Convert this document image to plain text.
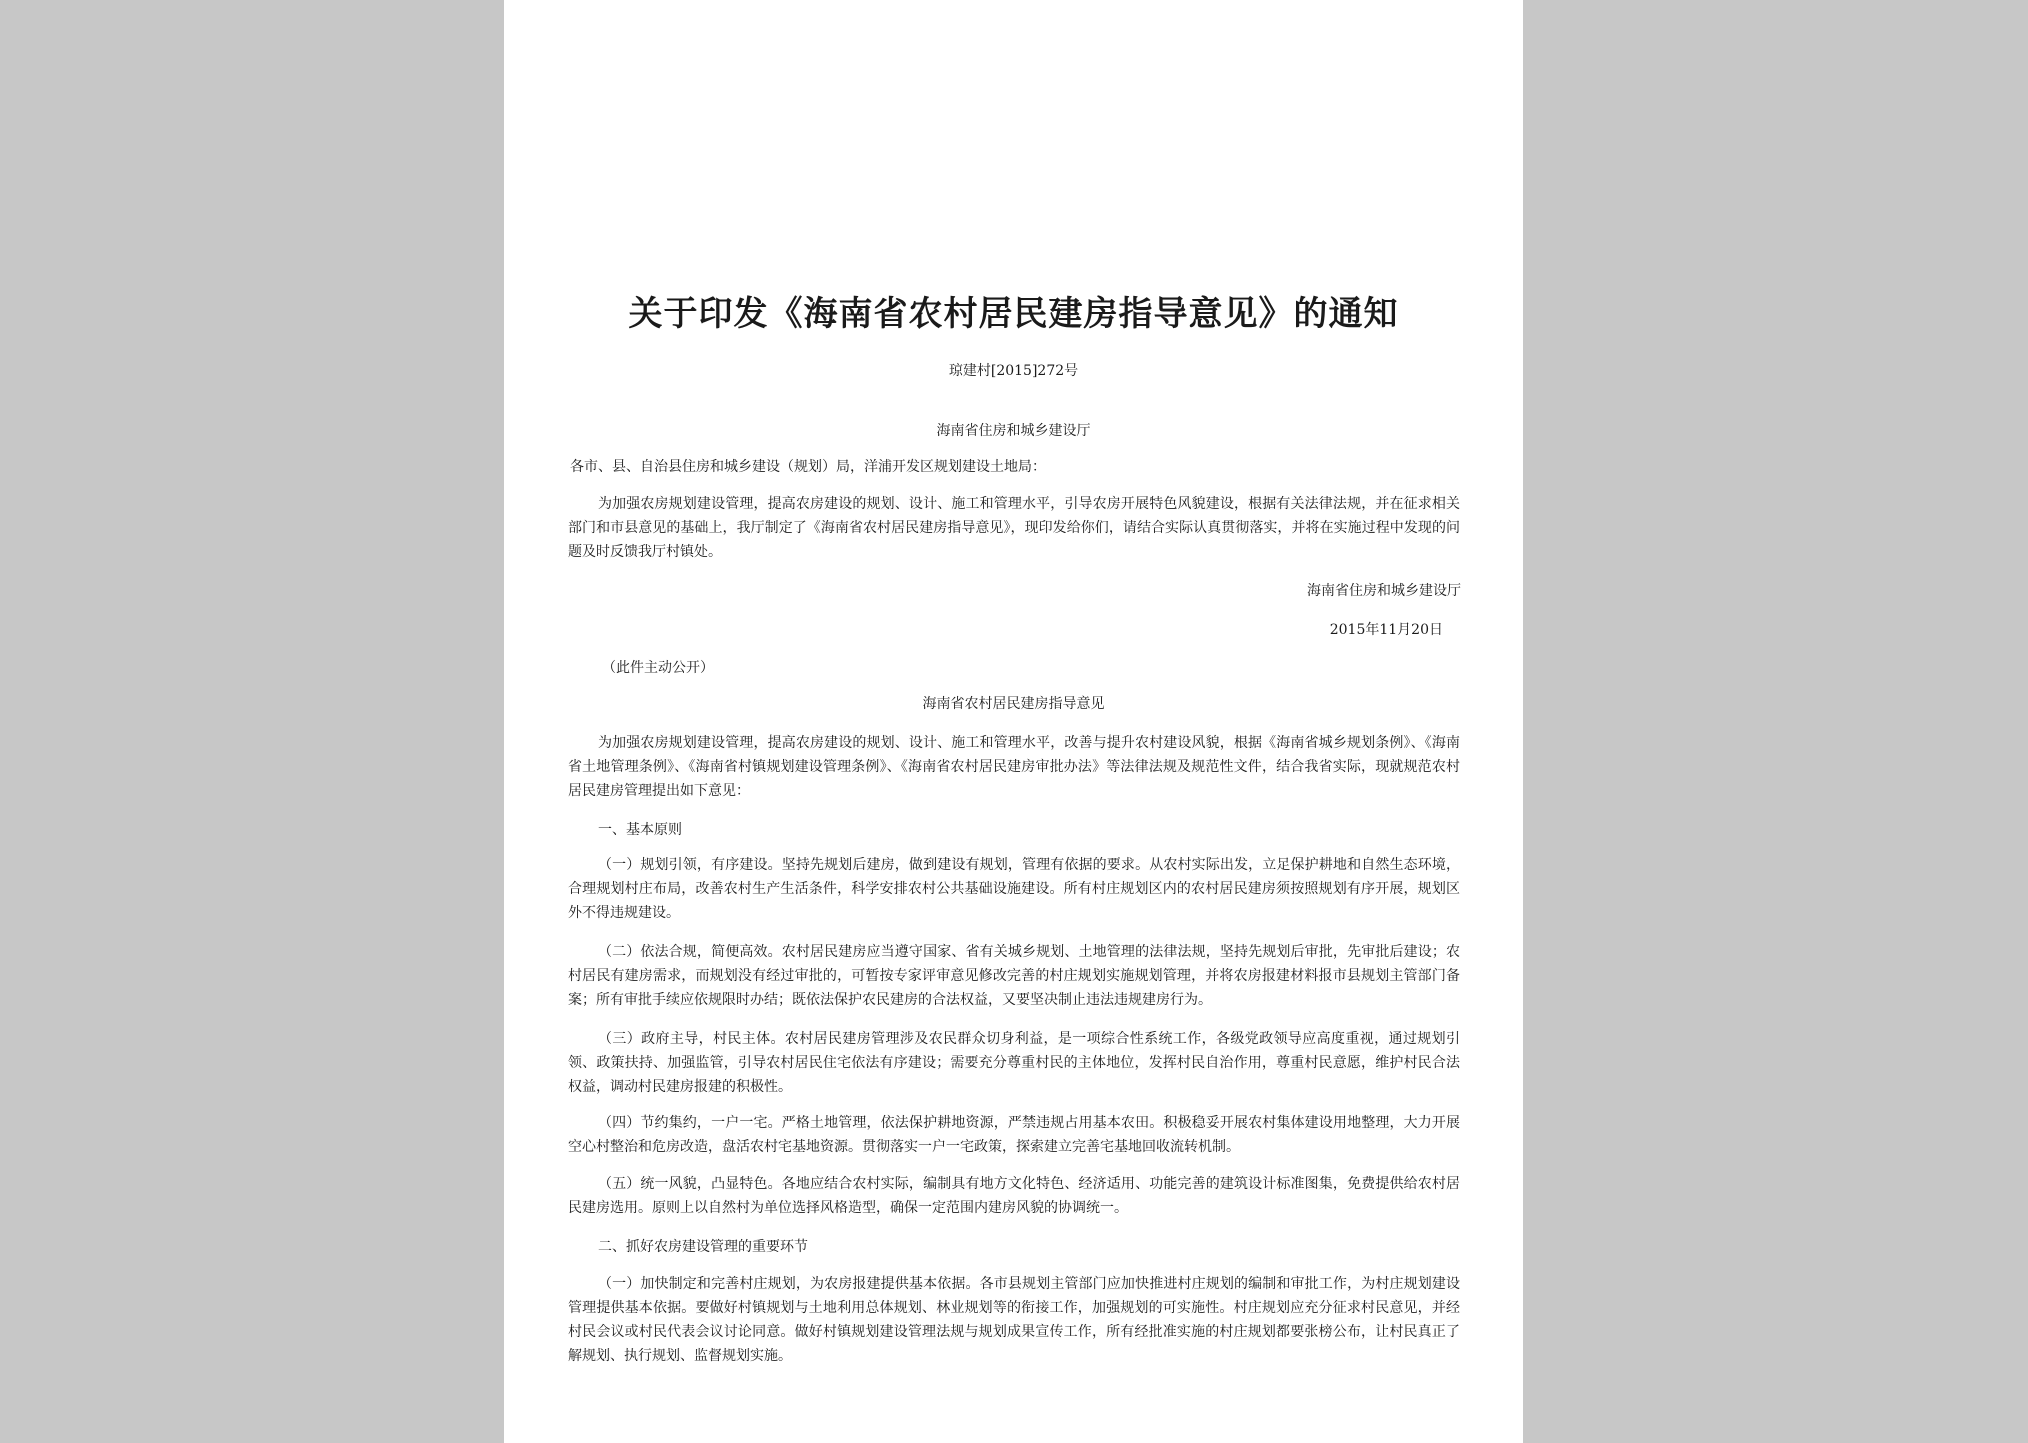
关于印发《海南省农村居民建房指导意见》的通知
琼建村[2015]272号
海南省住房和城乡建设厅
各市、县、自治县住房和城乡建设（规划）局，洋浦开发区规划建设土地局：
为加强农房规划建设管理，提高农房建设的规划、设计、施工和管理水平，引导农房开展特色风貌建设，根据有关法律法规，并在征求相关部门和市县意见的基础上，我厅制定了《海南省农村居民建房指导意见》，现印发给你们，请结合实际认真贯彻落实，并将在实施过程中发现的问题及时反馈我厅村镇处。
海南省住房和城乡建设厅
2015年11月20日
（此件主动公开）
海南省农村居民建房指导意见
为加强农房规划建设管理，提高农房建设的规划、设计、施工和管理水平，改善与提升农村建设风貌，根据《海南省城乡规划条例》、《海南省土地管理条例》、《海南省村镇规划建设管理条例》、《海南省农村居民建房审批办法》等法律法规及规范性文件，结合我省实际，现就规范农村居民建房管理提出如下意见：
一、基本原则
（一）规划引领，有序建设。坚持先规划后建房，做到建设有规划，管理有依据的要求。从农村实际出发，立足保护耕地和自然生态环境，合理规划村庄布局，改善农村生产生活条件，科学安排农村公共基础设施建设。所有村庄规划区内的农村居民建房须按照规划有序开展，规划区外不得违规建设。
（二）依法合规，简便高效。农村居民建房应当遵守国家、省有关城乡规划、土地管理的法律法规，坚持先规划后审批，先审批后建设；农村居民有建房需求，而规划没有经过审批的，可暂按专家评审意见修改完善的村庄规划实施规划管理，并将农房报建材料报市县规划主管部门备案；所有审批手续应依规限时办结；既依法保护农民建房的合法权益，又要坚决制止违法违规建房行为。
（三）政府主导，村民主体。农村居民建房管理涉及农民群众切身利益，是一项综合性系统工作，各级党政领导应高度重视，通过规划引领、政策扶持、加强监管，引导农村居民住宅依法有序建设；需要充分尊重村民的主体地位，发挥村民自治作用，尊重村民意愿，维护村民合法权益，调动村民建房报建的积极性。
（四）节约集约，一户一宅。严格土地管理，依法保护耕地资源，严禁违规占用基本农田。积极稳妥开展农村集体建设用地整理，大力开展空心村整治和危房改造，盘活农村宅基地资源。贯彻落实一户一宅政策，探索建立完善宅基地回收流转机制。
（五）统一风貌，凸显特色。各地应结合农村实际，编制具有地方文化特色、经济适用、功能完善的建筑设计标准图集，免费提供给农村居民建房选用。原则上以自然村为单位选择风格造型，确保一定范围内建房风貌的协调统一。
二、抓好农房建设管理的重要环节
（一）加快制定和完善村庄规划，为农房报建提供基本依据。各市县规划主管部门应加快推进村庄规划的编制和审批工作，为村庄规划建设管理提供基本依据。要做好村镇规划与土地利用总体规划、林业规划等的衔接工作，加强规划的可实施性。村庄规划应充分征求村民意见，并经村民会议或村民代表会议讨论同意。做好村镇规划建设管理法规与规划成果宣传工作，所有经批准实施的村庄规划都要张榜公布，让村民真正了解规划、执行规划、监督规划实施。
